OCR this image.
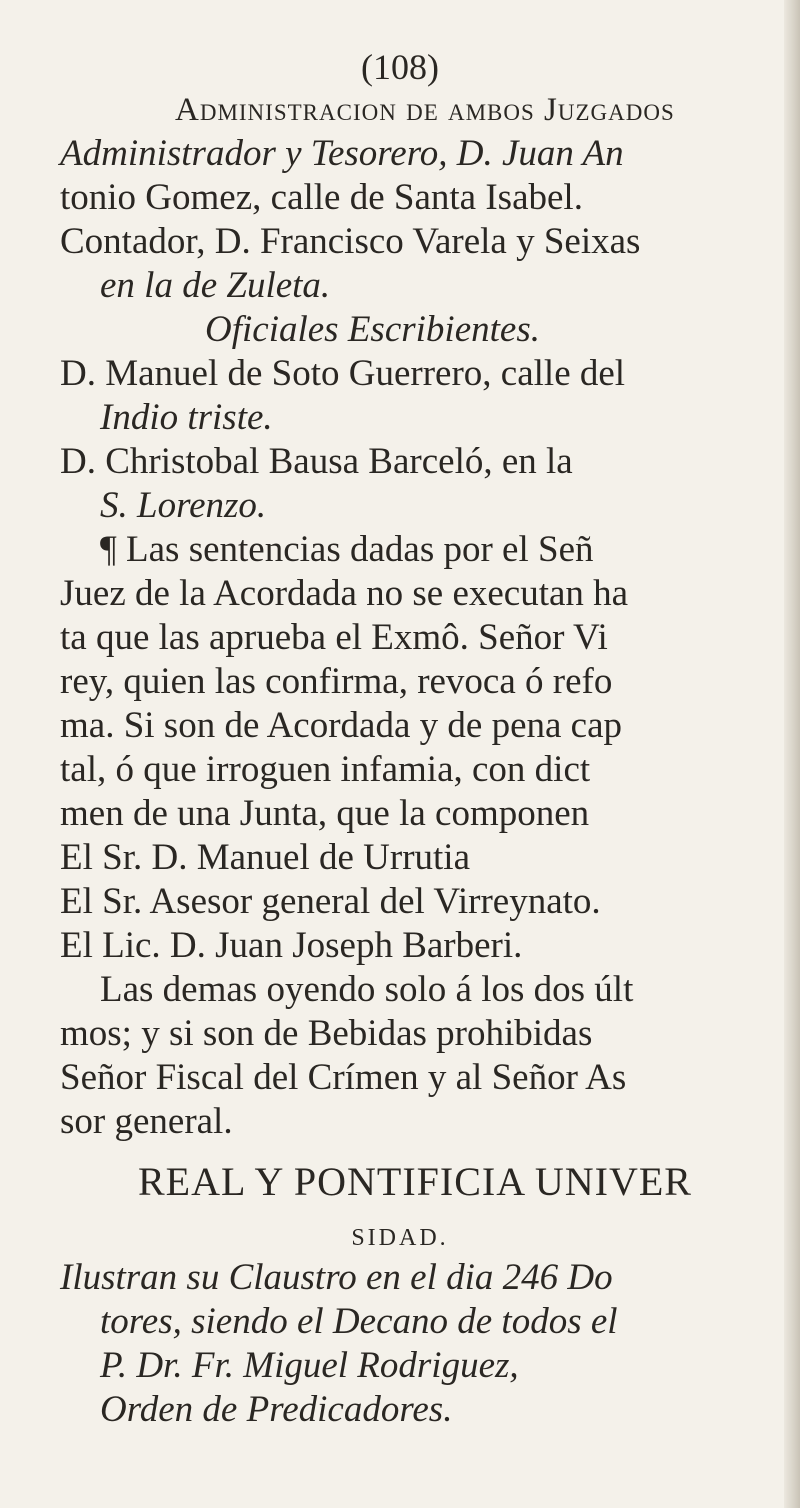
(108)
Administracion de ambos Juzgados
Administrador y Tesorero, D. Juan An
tonio Gomez, calle de Santa Isabel.
Contador, D. Francisco Varela y Seixas
en la de Zuleta.
Oficiales Escribientes.
D. Manuel de Soto Guerrero, calle del
Indio triste.
D. Christobal Bausa Barceló, en la
S. Lorenzo.
¶ Las sentencias dadas por el Señ
Juez de la Acordada no se executan ha
ta que las aprueba el Exmô. Señor Vi
rey, quien las confirma, revoca ó refo
ma. Si son de Acordada y de pena cap
tal, ó que irroguen infamia, con dict
men de una Junta, que la componen
El Sr. D. Manuel de Urrutia
El Sr. Asesor general del Virreynato.
El Lic. D. Juan Joseph Barberi.
Las demas oyendo solo á los dos últ
mos; y si son de Bebidas prohibidas
Señor Fiscal del Crímen y al Señor As
sor general.
REAL Y PONTIFICIA UNIVER
SIDAD.
Ilustran su Claustro en el dia 246 Do
tores, siendo el Decano de todos el
P. Dr. Fr. Miguel Rodriguez,
Orden de Predicadores.
